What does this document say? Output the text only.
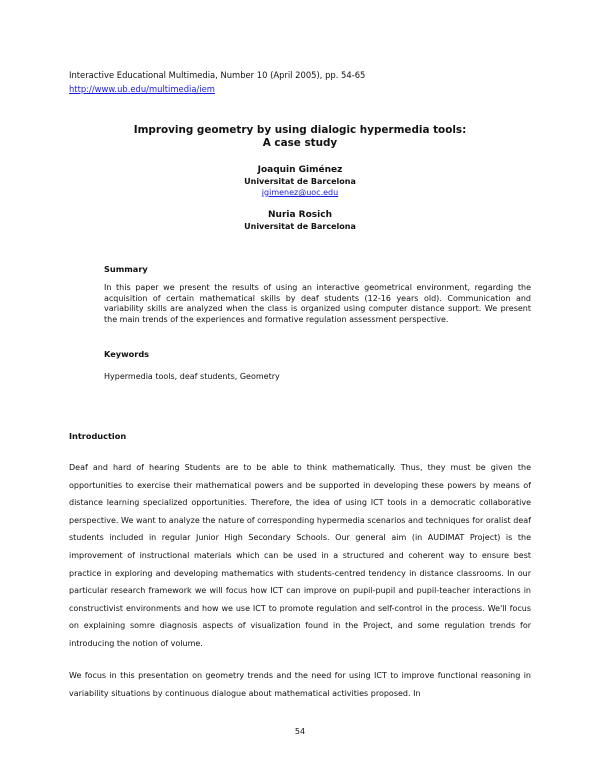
Interactive Educational Multimedia, Number 10 (April 2005), pp. 54-65
http://www.ub.edu/multimedia/iem
Improving geometry by using dialogic hypermedia tools:
A case study
Joaquin Giménez
Universitat de Barcelona
jgimenez@uoc.edu
Nuria Rosich
Universitat de Barcelona
Summary
In this paper we present the results of using an interactive geometrical environment, regarding the acquisition of certain mathematical skills by deaf students (12-16 years old). Communication and variability skills are analyzed when the class is organized using computer distance support. We present the main trends of the experiences and formative regulation assessment perspective.
Keywords
Hypermedia tools, deaf students, Geometry
Introduction

Deaf and hard of hearing Students are to be able to think mathematically. Thus, they must be given the opportunities to exercise their mathematical powers and be supported in developing these powers by means of distance learning specialized opportunities. Therefore, the idea of using ICT tools in a democratic collaborative perspective. We want to analyze the nature of corresponding hypermedia scenarios and techniques for oralist deaf students included in regular Junior High Secondary Schools. Our general aim (in AUDIMAT Project) is the improvement of instructional materials which can be used in a structured and coherent way to ensure best practice in exploring and developing mathematics with students-centred tendency in distance classrooms. In our particular research framework we will focus how ICT can improve on pupil-pupil and pupil-teacher interactions in constructivist environments and how we use ICT to promote regulation and self-control in the process. We'll focus on explaining somre diagnosis aspects of visualization found in the Project, and some regulation trends for introducing the notion of volume.

We focus in this presentation on geometry trends and the need for using ICT to improve functional reasoning in variability situations by continuous dialogue about mathematical activities proposed. In

54
